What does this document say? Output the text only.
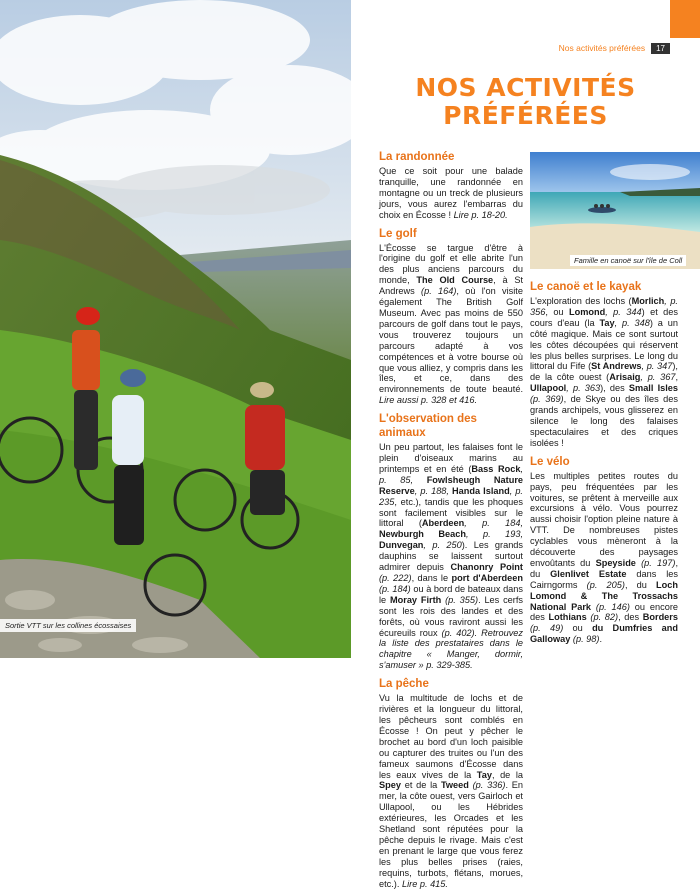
Sortie VTT sur les collines écossaises
Nos activités préférées	17
NOS ACTIVITÉS
PRÉFÉRÉES
Famille en canoë sur l'île de Coll
La randonnée

Que ce soit pour une balade tranquille, une randonnée en montagne ou un treck de plusieurs jours, vous aurez l'embarras du choix en Écosse ! Lire p. 18-20.

Le golf

L'Écosse se targue d'être à l'origine du golf et elle abrite l'un des plus anciens parcours du monde, The Old Course, à St Andrews (p. 164), où l'on visite également The British Golf Museum. Avec pas moins de 550 parcours de golf dans tout le pays, vous trouverez toujours un parcours adapté à vos compétences et à votre bourse où que vous alliez, y compris dans les îles, et ce, dans des environnements de toute beauté. Lire aussi p. 328 et 416.

L'observation des animaux

Un peu partout, les falaises font le plein d'oiseaux marins au printemps et en été (Bass Rock, p. 85, Fowlsheugh Nature Reserve, p. 188, Handa Island, p. 235, etc.), tandis que les phoques sont facilement visibles sur le littoral (Aberdeen, p. 184, Newburgh Beach, p. 193, Dunvegan, p. 250). Les grands dauphins se laissent surtout admirer depuis Chanonry Point (p. 222), dans le port d'Aberdeen (p. 184) ou à bord de bateaux dans le Moray Firth (p. 355). Les cerfs sont les rois des landes et des forêts, où vous raviront aussi les écureuils roux (p. 402). Retrouvez la liste des prestataires dans le chapitre « Manger, dormir, s'amuser » p. 329-385.

La pêche

Vu la multitude de lochs et de rivières et la longueur du littoral, les pêcheurs sont comblés en Écosse ! On peut y pêcher le brochet au bord d'un loch paisible ou capturer des truites ou l'un des fameux saumons d'Écosse dans les eaux vives de la Tay, de la Spey et de la Tweed (p. 336). En mer, la côte ouest, vers Gairloch et Ullapool, ou les Hébrides extérieures, les Orcades et les Shetland sont réputées pour la pêche depuis le rivage. Mais c'est en prenant le large que vous ferez les plus belles prises (raies, requins, turbots, flétans, morues, etc.). Lire p. 415.

Le canoë et le kayak

L'exploration des lochs (Morlich, p. 356, ou Lomond, p. 344) et des cours d'eau (la Tay, p. 348) a un côté magique. Mais ce sont surtout les côtes découpées qui réservent les plus belles surprises. Le long du littoral du Fife (St Andrews, p. 347), de la côte ouest (Arisaig, p. 367, Ullapool, p. 363), des Small Isles (p. 369), de Skye ou des îles des grands archipels, vous glisserez en silence le long des falaises spectaculaires et des criques isolées !

Le vélo

Les multiples petites routes du pays, peu fréquentées par les voitures, se prêtent à merveille aux excursions à vélo. Vous pourrez aussi choisir l'option pleine nature à VTT. De nombreuses pistes cyclables vous mèneront à la découverte des paysages envoûtants du Speyside (p. 197), du Glenlivet Estate dans les Cairngorms (p. 205), du Loch Lomond & The Trossachs National Park (p. 146) ou encore des Lothians (p. 82), des Borders (p. 49) ou du Dumfries and Galloway (p. 98).
